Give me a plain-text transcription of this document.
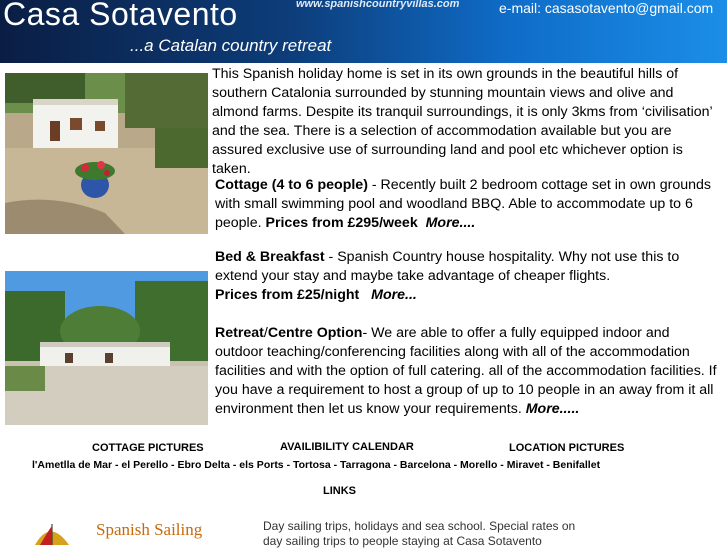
Casa Sotavento	www.spanishcountryvillas.com	e-mail: casasotavento@gmail.com
...a Catalan country retreat
This Spanish holiday home is set in its own grounds in the beautiful hills of southern Catalonia surrounded by stunning mountain views and olive and almond farms. Despite its tranquil surroundings, it is only 3kms from ‘civilisation’ and the sea. There is a selection of accommodation available but you are assured exclusive use of surrounding land and pool etc whichever option is taken.
Cottage (4 to 6 people) - Recently built 2 bedroom cottage set in own grounds with small swimming pool and woodland BBQ. Able to accommodate up to 6 people. Prices from £295/week More....
Bed & Breakfast - Spanish Country house hospitality. Why not use this to extend your stay and maybe take advantage of cheaper flights.
Prices from £25/night More...
Retreat/Centre Option- We are able to offer a fully equipped indoor and outdoor teaching/conferencing facilities along with all of the accommodation facilities and with the option of full catering. all of the accommodation facilities. If you have a requirement to host a group of up to 10 people in an away from it all environment then let us know your requirements. More.....
COTTAGE PICTURES	AVAILIBILITY CALENDAR	LOCATION PICTURES
l'Ametlla de Mar - el Perello - Ebro Delta - els Ports - Tortosa - Tarragona - Barcelona - Morello - Miravet - Benifallet
LINKS
Spanish Sailing	Day sailing trips, holidays and sea school. Special rates on day sailing trips to people staying at Casa Sotavento
